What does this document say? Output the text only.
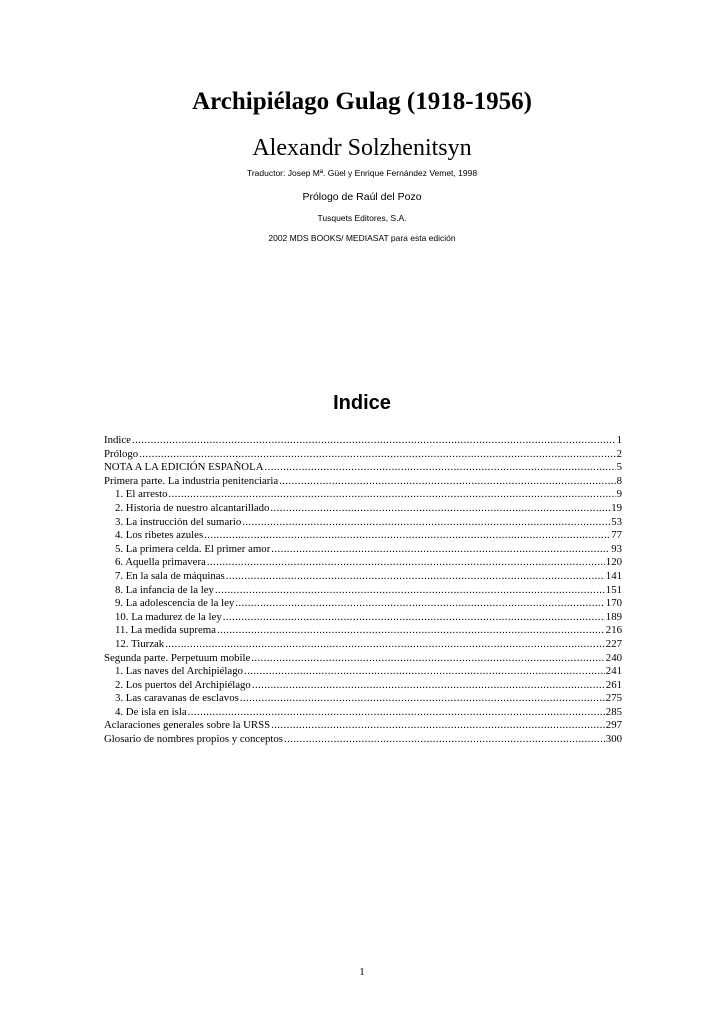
Archipiélago Gulag (1918-1956)

Alexandr Solzhenitsyn

Traductor: Josep Mª. Güel y Enrique Fernández Vemet, 1998

Prólogo de Raúl del Pozo

Tusquets Editores, S.A.

2002 MDS BOOKS/ MEDIASAT para esta edición

Indice
Indice .....	1
Prólogo .....	2
NOTA A LA EDICIÓN ESPAÑOLA .....	5
Primera parte. La industria penitenciaria .....	8
1. El arresto .....	9
2. Historia de nuestro alcantarillado .....	19
3. La instrucción del sumario .....	53
4. Los ribetes azules .....	77
5. La primera celda. El primer amor .....	93
6. Aquella primavera .....	120
7. En la sala de máquinas .....	141
8. La infancia de la ley .....	151
9. La adolescencia de la ley .....	170
10. La madurez de la ley .....	189
11. La medida suprema .....	216
12. Tiurzak .....	227
Segunda parte. Perpetuum mobile .....	240
1. Las naves del Archipiélago .....	241
2. Los puertos del Archipiélago .....	261
3. Las caravanas de esclavos .....	275
4. De isla en isla .....	285
Aclaraciones generales sobre la URSS .....	297
Glosario de nombres propios y conceptos .....	300

1
